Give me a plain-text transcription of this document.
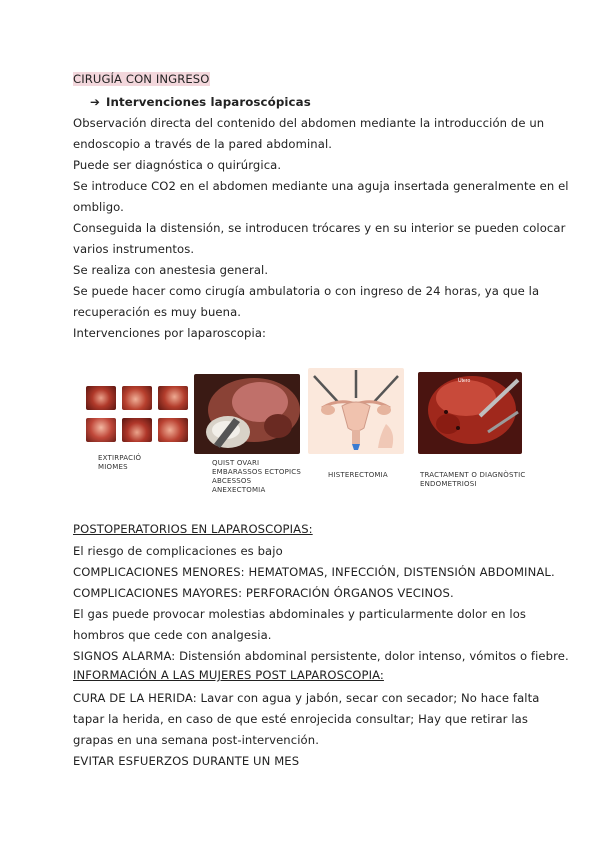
CIRUGÍA CON INGRESO
➔ Intervenciones laparoscópicas
Observación directa del contenido del abdomen mediante la introducción de un
endoscopio a través de la pared abdominal.
Puede ser diagnóstica o quirúrgica.
Se introduce CO2 en el abdomen mediante una aguja insertada generalmente en el
ombligo.
Conseguida la distensión, se introducen trócares y en su interior se pueden colocar
varios instrumentos.
Se realiza con anestesia general.
Se puede hacer como cirugía ambulatoria o con ingreso de 24 horas, ya que la
recuperación es muy buena.
Intervenciones por laparoscopia:
EXTIRPACIÓ
MIOMES	QUIST OVARI
EMBARASSOS ECTOPICS
ABCESSOS
ANEXECTOMIA
HISTERECTOMIA
Utero
TRACTAMENT O DIAGNÒSTIC
ENDOMETRIOSI
POSTOPERATORIOS EN LAPAROSCOPIAS:
El riesgo de complicaciones es bajo
COMPLICACIONES MENORES: HEMATOMAS, INFECCIÓN, DISTENSIÓN ABDOMINAL.
COMPLICACIONES MAYORES: PERFORACIÓN ÓRGANOS VECINOS.
El gas puede provocar molestias abdominales y particularmente dolor en los
hombros que cede con analgesia.
SIGNOS ALARMA: Distensión abdominal persistente, dolor intenso, vómitos o fiebre.
INFORMACIÓN A LAS MUJERES POST LAPAROSCOPIA:
CURA DE LA HERIDA: Lavar con agua y jabón, secar con secador; No hace falta
tapar la herida, en caso de que esté enrojecida consultar; Hay que retirar las
grapas en una semana post-intervención.
EVITAR ESFUERZOS DURANTE UN MES
